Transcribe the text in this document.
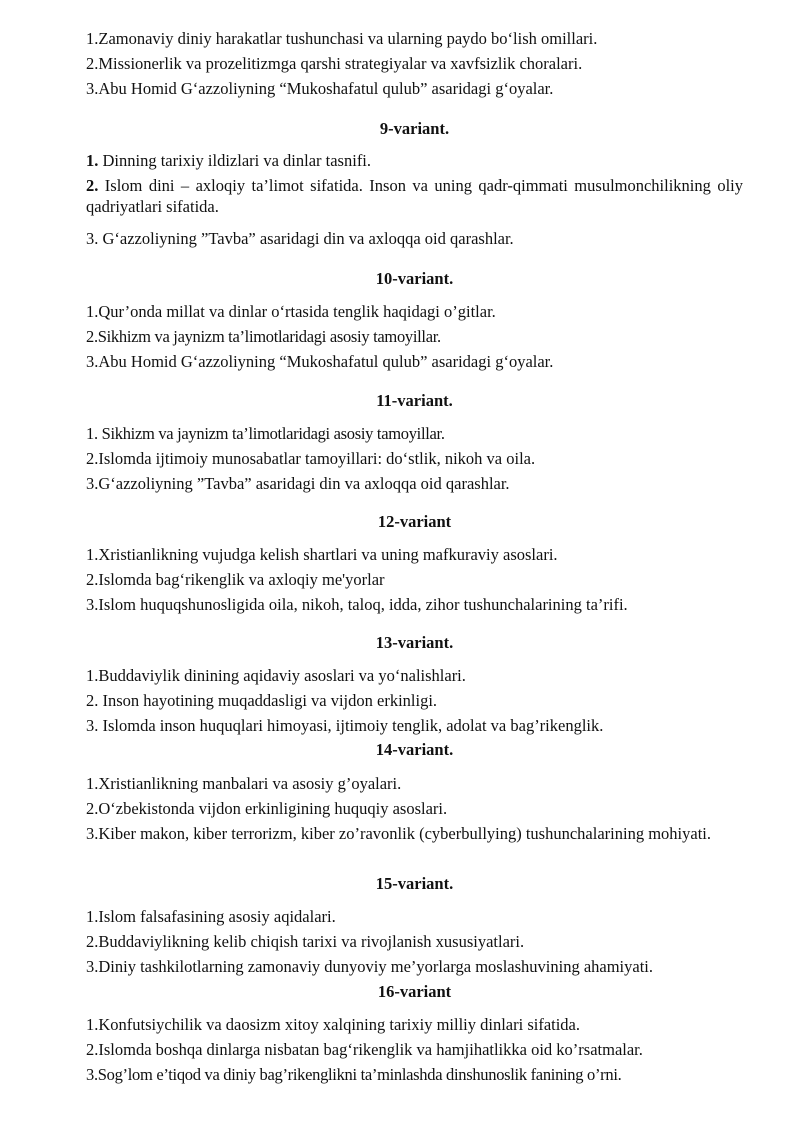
1.Zamonaviy diniy harakatlar tushunchasi va ularning paydo bo‘lish omillari.

2.Missionerlik va prozelitizmga qarshi strategiyalar va xavfsizlik choralari.

3.Abu Homid G‘azzoliyning “Mukoshafatul qulub” asaridagi g‘oyalar.

9-variant.

1. Dinning tarixiy ildizlari va dinlar tasnifi.

2. Islom dini – axloqiy ta’limot sifatida. Inson va uning qadr-qimmati musulmonchilikning oliy qadriyatlari sifatida.

3. G‘azzoliyning ”Tavba” asaridagi din va axloqqa oid qarashlar.

10-variant.

1.Qur’onda millat va dinlar o‘rtasida tenglik haqidagi o’gitlar.

2.Sikhizm va jaynizm ta’limotlaridagi asosiy tamoyillar.

3.Abu Homid G‘azzoliyning “Mukoshafatul qulub” asaridagi g‘oyalar.

11-variant.

1. Sikhizm va jaynizm ta’limotlaridagi asosiy tamoyillar.

2.Islomda ijtimoiy munosabatlar tamoyillari: do‘stlik, nikoh va oila.

3.G‘azzoliyning ”Tavba” asaridagi din va axloqqa oid qarashlar.

12-variant

1.Xristianlikning vujudga kelish shartlari va uning mafkuraviy asoslari.

2.Islomda bag‘rikenglik va axloqiy me'yorlar

3.Islom huquqshunosligida oila, nikoh, taloq, idda, zihor tushunchalarining ta’rifi.

13-variant.

1.Buddaviylik dinining aqidaviy asoslari va yo‘nalishlari.

2. Inson hayotining muqaddasligi va vijdon erkinligi.

3. Islomda inson huquqlari himoyasi, ijtimoiy tenglik, adolat va bag’rikenglik.

14-variant.

1.Xristianlikning manbalari va asosiy g’oyalari.

2.O‘zbekistonda vijdon erkinligining huquqiy asoslari.

3.Kiber makon, kiber terrorizm, kiber zo’ravonlik (cyberbullying) tushunchalarining mohiyati.

15-variant.

1.Islom falsafasining asosiy aqidalari.

2.Buddaviylikning kelib chiqish tarixi va rivojlanish xususiyatlari.

3.Diniy tashkilotlarning zamonaviy dunyoviy me’yorlarga moslashuvining ahamiyati.

16-variant

1.Konfutsiychilik va daosizm xitoy xalqining tarixiy milliy dinlari sifatida.

2.Islomda boshqa dinlarga nisbatan bag‘rikenglik va hamjihatlikka oid ko’rsatmalar.

3.Sog’lom e’tiqod va diniy bag’rikenglikni ta’minlashda dinshunoslik fanining o’rni.
